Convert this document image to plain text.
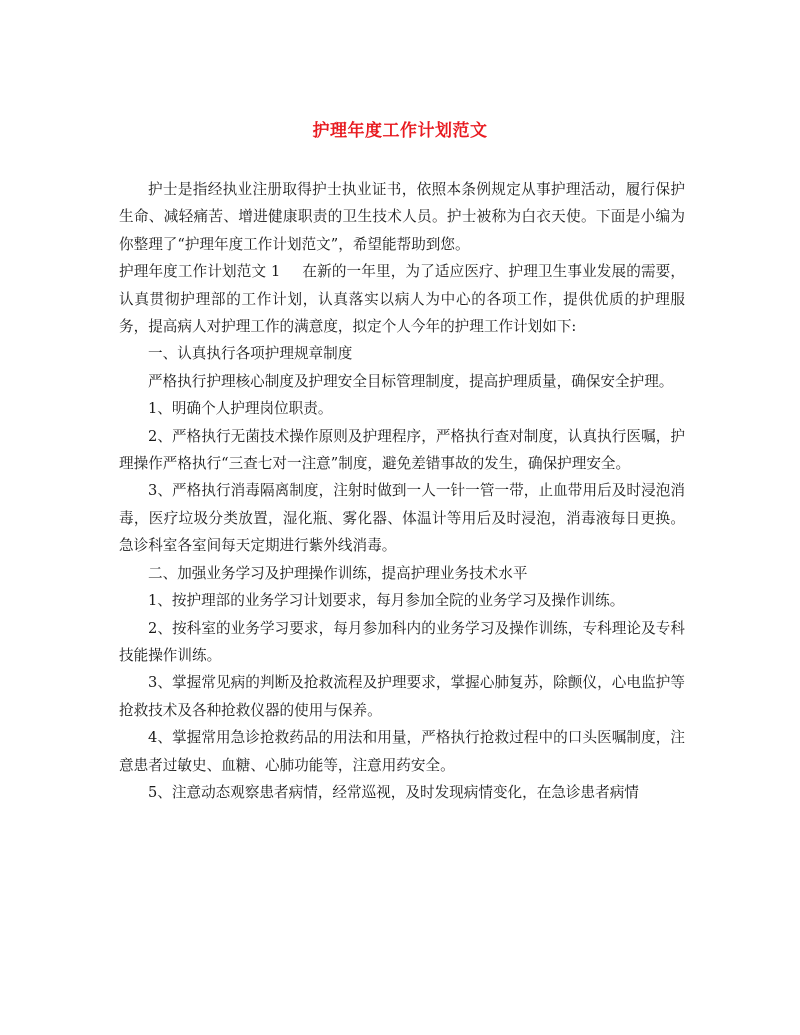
护理年度工作计划范文

护士是指经执业注册取得护士执业证书，依照本条例规定从事护理活动，履行保护生命、减轻痛苦、增进健康职责的卫生技术人员。护士被称为白衣天使。下面是小编为你整理了“护理年度工作计划范文”，希望能帮助到您。

护理年度工作计划范文 1 在新的一年里，为了适应医疗、护理卫生事业发展的需要，认真贯彻护理部的工作计划，认真落实以病人为中心的各项工作，提供优质的护理服务，提高病人对护理工作的满意度，拟定个人今年的护理工作计划如下:

一、认真执行各项护理规章制度

严格执行护理核心制度及护理安全目标管理制度，提高护理质量，确保安全护理。

1、明确个人护理岗位职责。

2、严格执行无菌技术操作原则及护理程序，严格执行查对制度，认真执行医嘱，护理操作严格执行“三查七对一注意”制度，避免差错事故的发生，确保护理安全。

3、严格执行消毒隔离制度，注射时做到一人一针一管一带，止血带用后及时浸泡消毒，医疗垃圾分类放置，湿化瓶、雾化器、体温计等用后及时浸泡，消毒液每日更换。急诊科室各室间每天定期进行紫外线消毒。

二、加强业务学习及护理操作训练，提高护理业务技术水平

1、按护理部的业务学习计划要求，每月参加全院的业务学习及操作训练。

2、按科室的业务学习要求，每月参加科内的业务学习及操作训练，专科理论及专科技能操作训练。

3、掌握常见病的判断及抢救流程及护理要求，掌握心肺复苏，除颤仪，心电监护等抢救技术及各种抢救仪器的使用与保养。

4、掌握常用急诊抢救药品的用法和用量，严格执行抢救过程中的口头医嘱制度，注意患者过敏史、血糖、心肺功能等，注意用药安全。

5、注意动态观察患者病情，经常巡视，及时发现病情变化，在急诊患者病情
